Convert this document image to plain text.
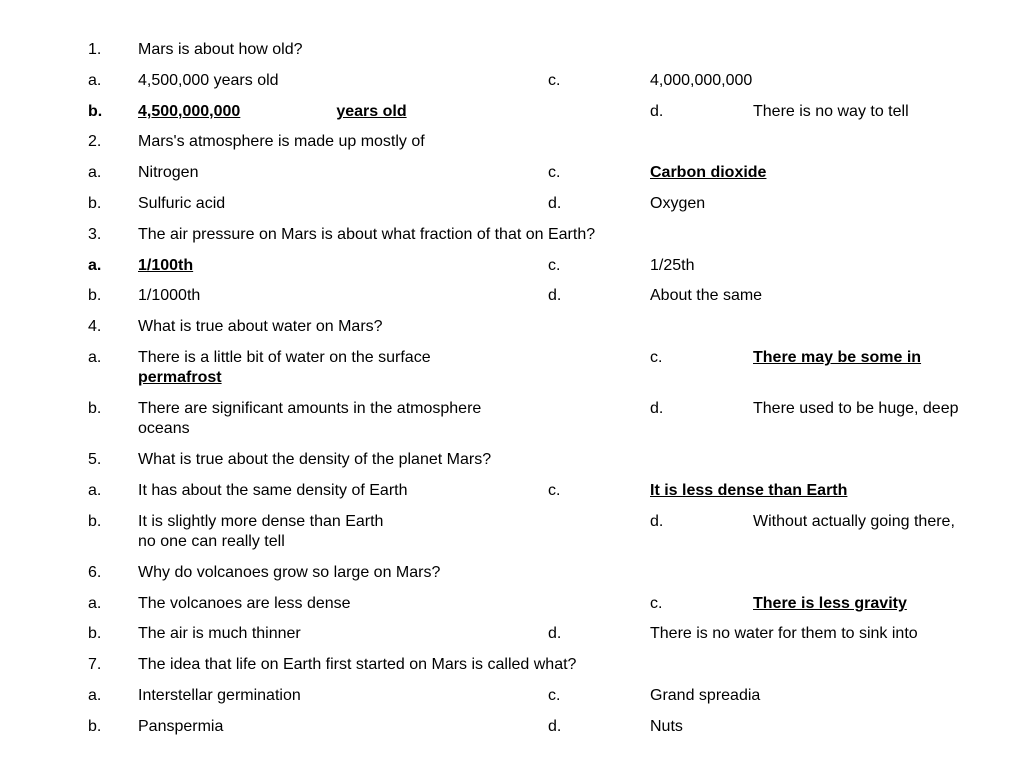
1. Mars is about how old?
a. 4,500,000 years old	c.	4,000,000,000
b. 4,500,000,000	years old	d.	There is no way to tell
2. Mars's atmosphere is made up mostly of
a. Nitrogen	c.	Carbon dioxide
b. Sulfuric acid	d.	Oxygen
3. The air pressure on Mars is about what fraction of that on Earth?
a. 1/100th	c.	1/25th
b. 1/1000th	d.	About the same
4. What is true about water on Mars?
a. There is a little bit of water on the surface	c.	There may be some in
permafrost
b. There are significant amounts in the atmosphere	d.	There used to be huge, deep
oceans
5. What is true about the density of the planet Mars?
a. It has about the same density of Earth	c.	It is less dense than Earth
b. It is slightly more dense than Earth	d.	Without actually going there,
no one can really tell
6. Why do volcanoes grow so large on Mars?
a. The volcanoes are less dense	c.	There is less gravity
b. The air is much thinner	d.	There is no water for them to sink into
7. The idea that life on Earth first started on Mars is called what?
a. Interstellar germination	c.	Grand spreadia
b. Panspermia	d.	Nuts
